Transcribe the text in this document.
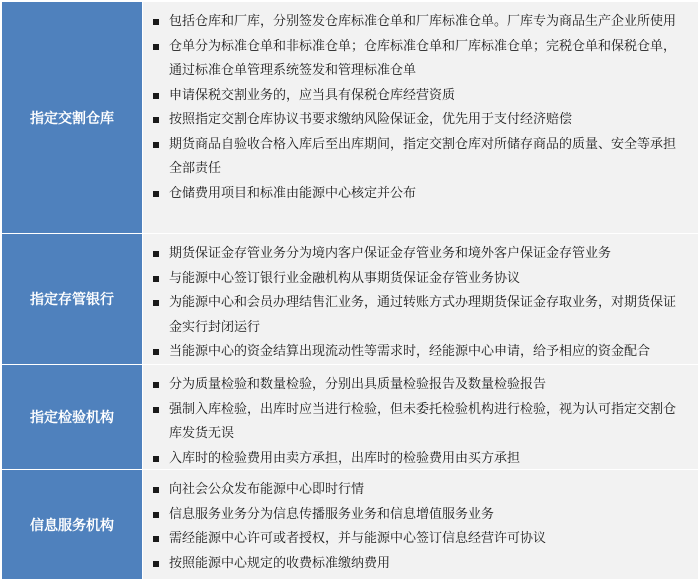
指定交割仓库
包括仓库和厂库，分别签发仓库标准仓单和厂库标准仓单。厂库专为商品生产企业所使用
仓单分为标准仓单和非标准仓单；仓库标准仓单和厂库标准仓单；完税仓单和保税仓单，通过标准仓单管理系统签发和管理标准仓单
申请保税交割业务的，应当具有保税仓库经营资质
按照指定交割仓库协议书要求缴纳风险保证金，优先用于支付经济赔偿
期货商品自验收合格入库后至出库期间，指定交割仓库对所储存商品的质量、安全等承担全部责任
仓储费用项目和标准由能源中心核定并公布
指定存管银行
期货保证金存管业务分为境内客户保证金存管业务和境外客户保证金存管业务
与能源中心签订银行业金融机构从事期货保证金存管业务协议
为能源中心和会员办理结售汇业务，通过转账方式办理期货保证金存取业务，对期货保证金实行封闭运行
当能源中心的资金结算出现流动性等需求时，经能源中心申请，给予相应的资金配合
指定检验机构
分为质量检验和数量检验，分别出具质量检验报告及数量检验报告
强制入库检验，出库时应当进行检验，但未委托检验机构进行检验，视为认可指定交割仓库发货无误
入库时的检验费用由卖方承担，出库时的检验费用由买方承担
信息服务机构
向社会公众发布能源中心即时行情
信息服务业务分为信息传播服务业务和信息增值服务业务
需经能源中心许可或者授权，并与能源中心签订信息经营许可协议
按照能源中心规定的收费标准缴纳费用
